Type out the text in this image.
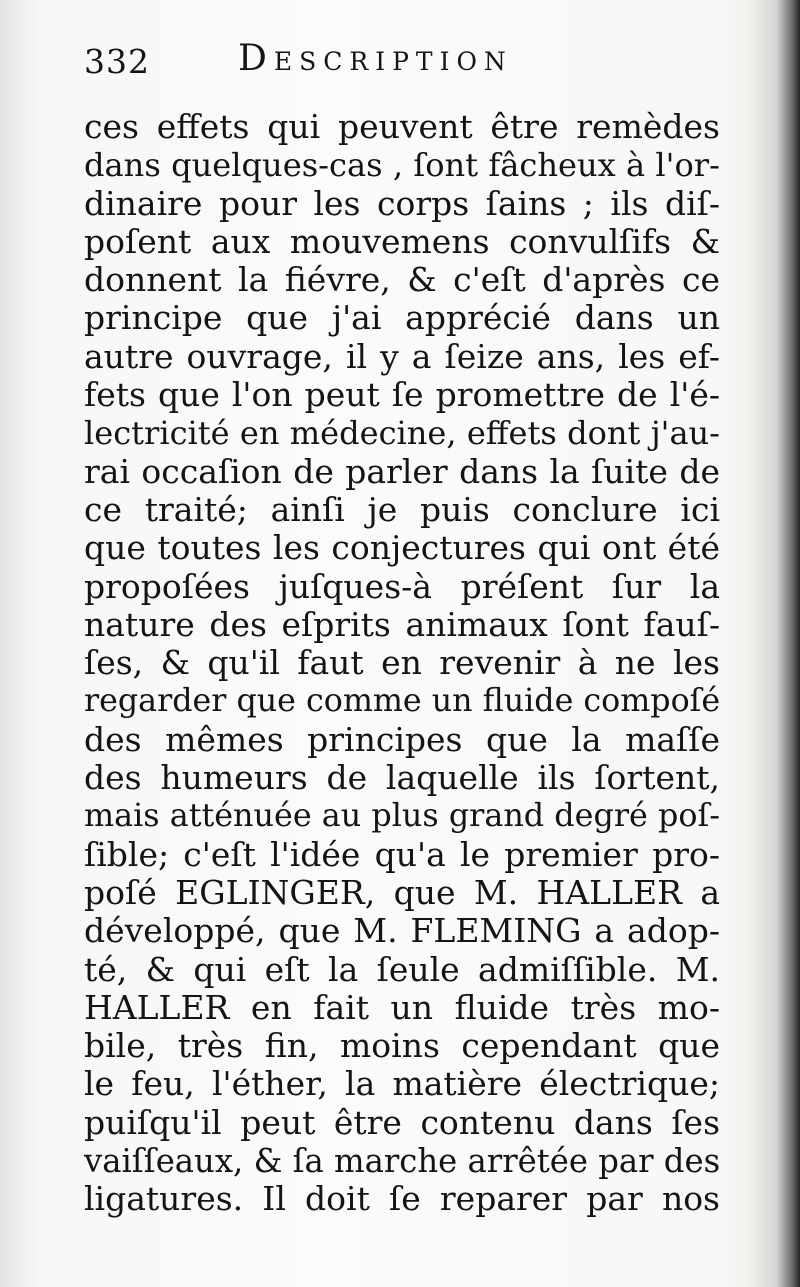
332 Description
ces effets qui peuvent être remèdes
dans quelques-cas , ſont fâcheux à l'or-
dinaire pour les corps ſains ; ils diſ-
poſent aux mouvemens convulſifs &
donnent la fiévre, & c'eſt d'après ce
principe que j'ai apprécié dans un
autre ouvrage, il y a ſeize ans, les ef-
fets que l'on peut ſe promettre de l'é-
lectricité en médecine, effets dont j'au-
rai occaſion de parler dans la ſuite de
ce traité; ainſi je puis conclure ici
que toutes les conjectures qui ont été
propoſées juſques-à préſent ſur la
nature des eſprits animaux ſont fauſ-
ſes, & qu'il faut en revenir à ne les
regarder que comme un fluide compoſé
des mêmes principes que la maſſe
des humeurs de laquelle ils ſortent,
mais atténuée au plus grand degré poſ-
ſible; c'eſt l'idée qu'a le premier pro-
poſé EGLINGER, que M. HALLER a
développé, que M. FLEMING a adop-
té, & qui eſt la ſeule admiſſible. M.
HALLER en fait un fluide très mo-
bile, très fin, moins cependant que
le feu, l'éther, la matière électrique;
puiſqu'il peut être contenu dans ſes
vaiſſeaux, & ſa marche arrêtée par des
ligatures. Il doit ſe reparer par nos
